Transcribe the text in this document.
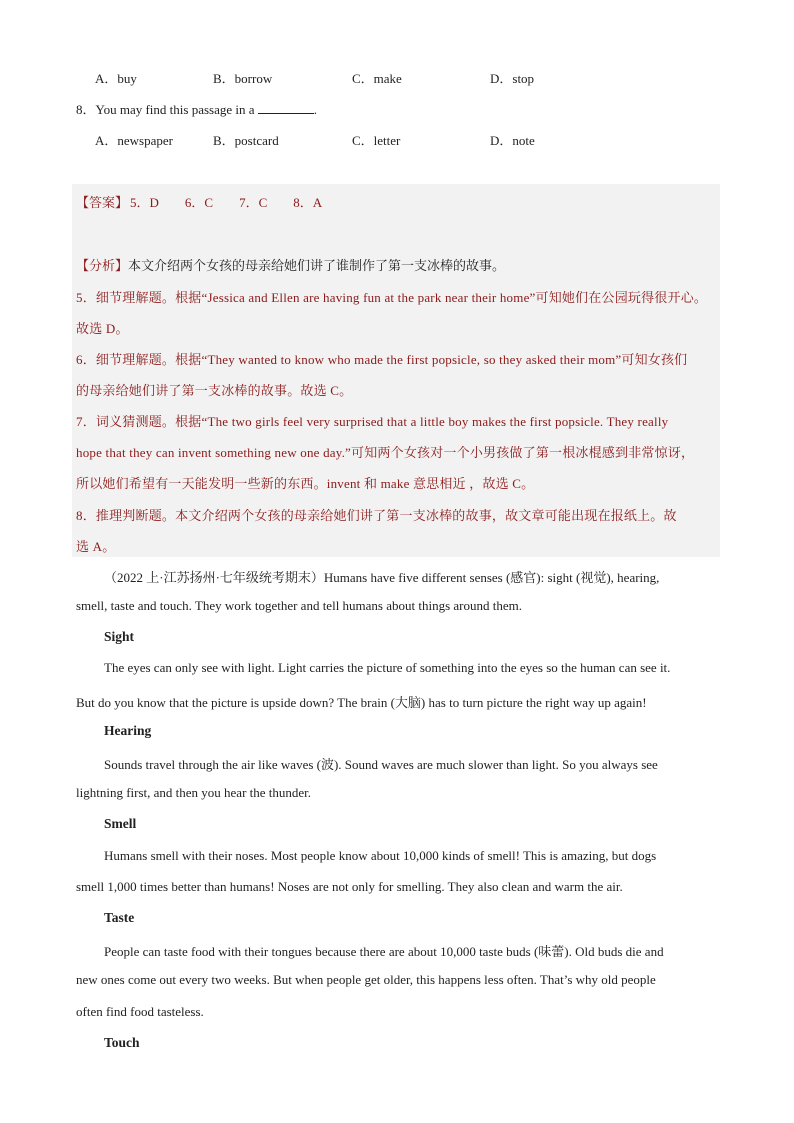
A．buy	B．borrow	C．make	D．stop
8．You may find this passage in a	.
A．newspaper	B．postcard	C．letter	D．note
【答案】 5．D 6．C 7．C 8．A
【分析】本文介绍两个女孩的母亲给她们讲了谁制作了第一支冰棒的故事。
5．细节理解题。根据“Jessica and Ellen are having fun at the park near their home”可知她们在公园玩得很开心。
故选 D。
6．细节理解题。根据“They wanted to know who made the first popsicle, so they asked their mom”可知女孩们
的母亲给她们讲了第一支冰棒的故事。故选 C。
7．词义猜测题。根据“The two girls feel very surprised that a little boy makes the first popsicle. They really
hope that they can invent something new one day.”可知两个女孩对一个小男孩做了第一根冰棍感到非常惊讶，
所以她们希望有一天能发明一些新的东西。invent 和 make 意思相近 ，故选 C。
8．推理判断题。本文介绍两个女孩的母亲给她们讲了第一支冰棒的故事，故文章可能出现在报纸上。故
选 A。
（2022 上·江苏扬州·七年级统考期末）Humans have five different senses (感官): sight (视觉), hearing,
smell, taste and touch. They work together and tell humans about things around them.
Sight
The eyes can only see with light. Light carries the picture of something into the eyes so the human can see it.
But do you know that the picture is upside down? The brain (大脑) has to turn picture the right way up again!
Hearing
Sounds travel through the air like waves (波). Sound waves are much slower than light. So you always see
lightning first, and then you hear the thunder.
Smell
Humans smell with their noses. Most people know about 10,000 kinds of smell! This is amazing, but dogs
smell 1,000 times better than humans! Noses are not only for smelling. They also clean and warm the air.
Taste
People can taste food with their tongues because there are about 10,000 taste buds (味蕾). Old buds die and
new ones come out every two weeks. But when people get older, this happens less often. That’s why old people
often find food tasteless.
Touch
